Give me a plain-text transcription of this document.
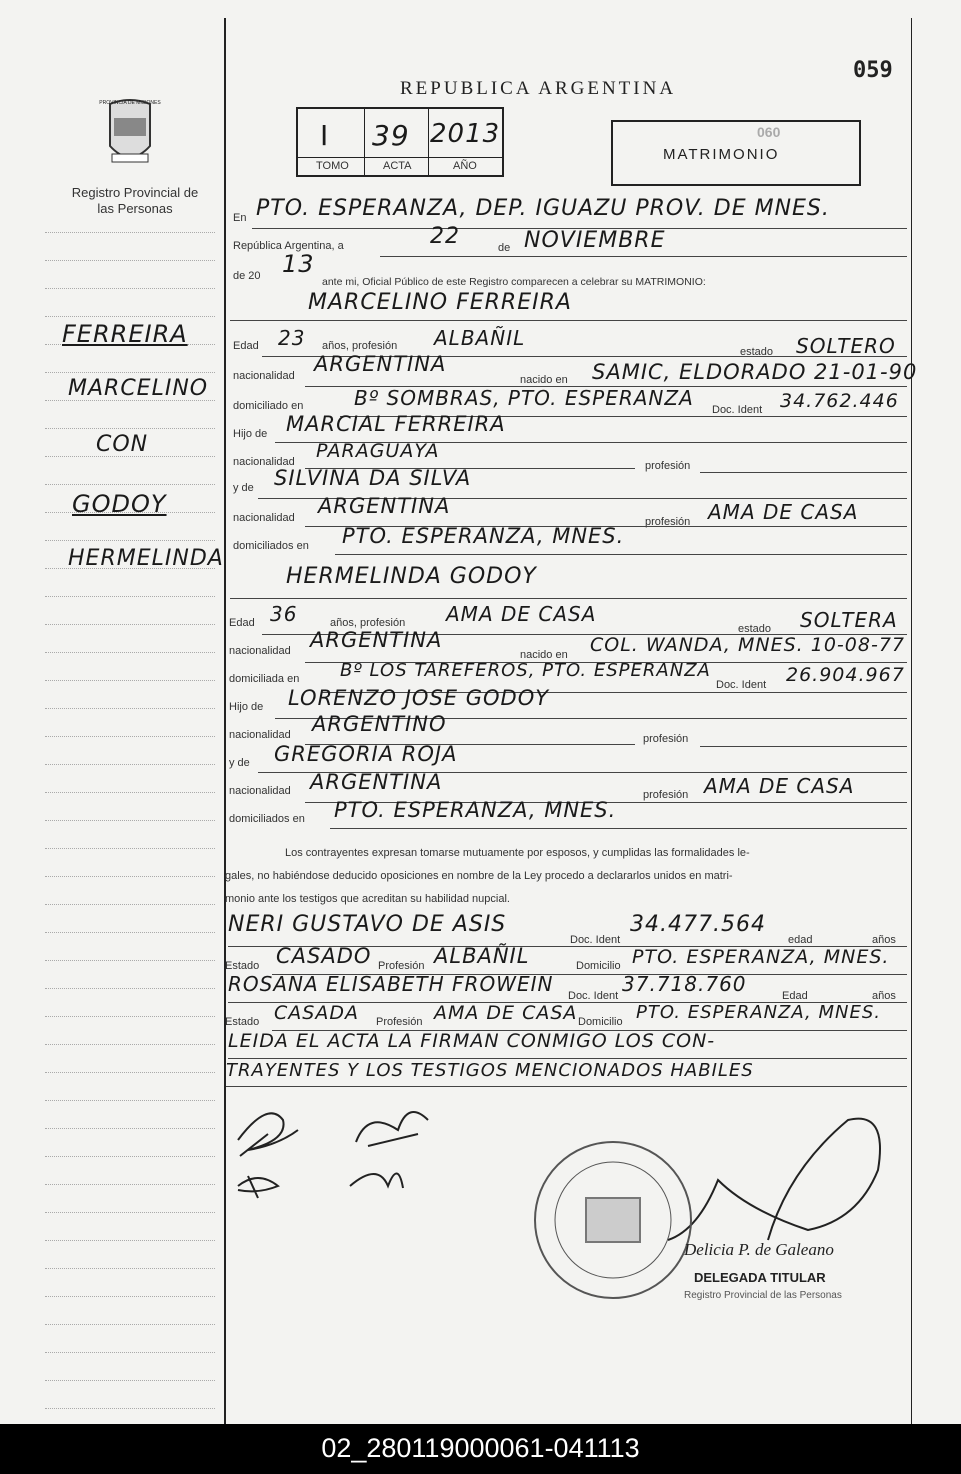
059
REPUBLICA ARGENTINA
PROVINCIA DE MISIONES
Registro Provincial de las Personas
I 39 2013
TOMO	ACTA	AÑO
060
MATRIMONIO
FERREIRA
MARCELINO
CON
GODOY
HERMELINDA
En PTO. ESPERANZA, DEP. IGUAZU PROV. DE MNES.
República Argentina, a	22	de NOVIEMBRE
de 20 13
ante mi, Oficial Público de este Registro comparecen a celebrar su MATRIMONIO:
MARCELINO FERREIRA
Edad 23 años, profesión ALBAÑIL
estado SOLTERO
nacionalidad ARGENTINA
nacido en SAMIC, ELDORADO 21-01-90
domiciliado en	Bº SOMBRAS, PTO. ESPERANZA Doc. Ident 34.762.446
Hijo de MARCIAL FERREIRA
nacionalidad PARAGUAYA
profesión
y de SILVINA DA SILVA
nacionalidad ARGENTINA
profesión AMA DE CASA
domiciliados en PTO. ESPERANZA, MNES.
HERMELINDA GODOY
Edad 36	años, profesión AMA DE CASA
estado SOLTERA
nacionalidad ARGENTINA
nacido en COL. WANDA, MNES. 10-08-77
domiciliada en Bº LOS TAREFEROS, PTO. ESPERANZA
Doc. Ident 26.904.967
Hijo de LORENZO JOSE GODOY
nacionalidad ARGENTINO
profesión
y de GREGORIA ROJA
nacionalidad ARGENTINA
profesión AMA DE CASA
domiciliados en PTO. ESPERANZA, MNES.
Los contrayentes expresan tomarse mutuamente por esposos, y cumplidas las formalidades le-
gales, no habiéndose deducido oposiciones en nombre de la Ley procedo a declararlos unidos en matri-
monio ante los testigos que acreditan su habilidad nupcial.
NERI GUSTAVO DE ASIS
Doc. Ident
34.477.564
edad	años
Estado CASADO Profesión ALBAÑIL	Domicilio PTO. ESPERANZA, MNES.
ROSANA ELISABETH FROWEIN Doc. Ident 37.718.760	Edad	años
Estado CASADA Profesión AMA DE CASA Domicilio PTO. ESPERANZA, MNES.
LEIDA EL ACTA LA FIRMAN CONMIGO LOS CON-
TRAYENTES Y LOS TESTIGOS MENCIONADOS HABILES
Delicia P. de Galeano
DELEGADA TITULAR
Registro Provincial de las Personas
02_280119000061-041113
